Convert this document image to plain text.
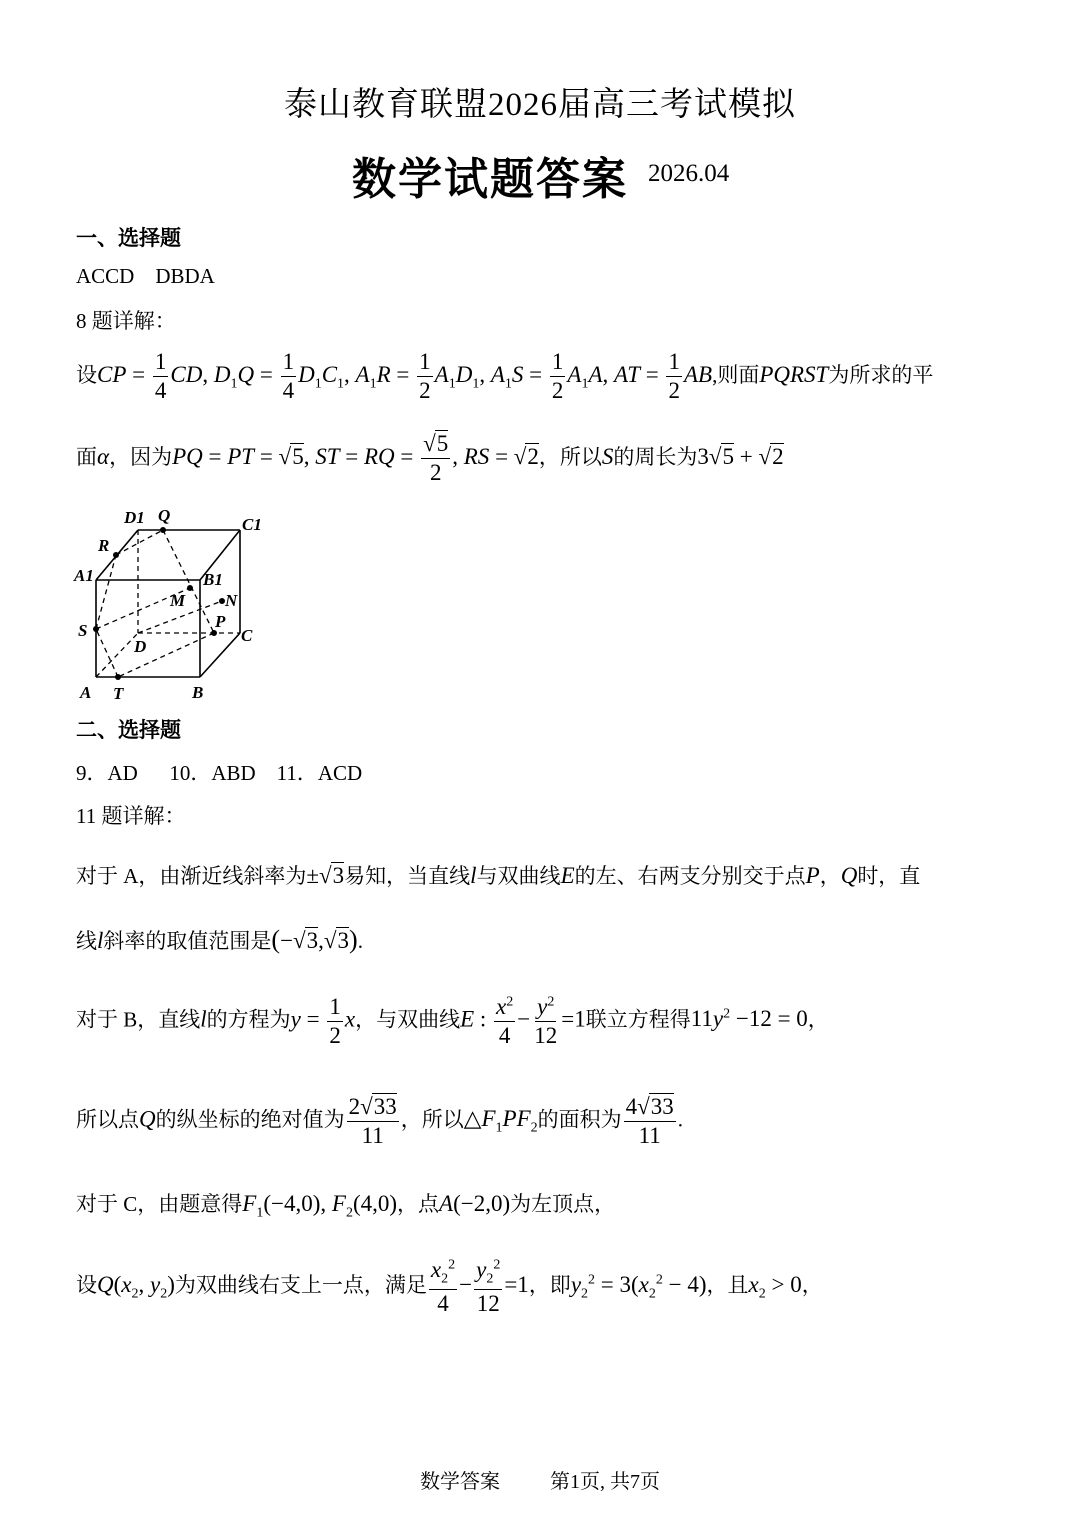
泰山教育联盟2026届高三考试模拟
数学试题答案 2026.04
一、选择题
ACCD    DBDA
8 题详解：
设CP = $\frac{1}{4}$ CD, $D_1Q = \frac{1}{4} D_1C_1$, $A_1R = \frac{1}{2} A_1D_1$, $A_1S = \frac{1}{2} A_1A$, AT = $\frac{1}{2}$ AB,则面PQRST为所求的平
面α，因为PQ = PT = √5, ST = RQ = $\frac{√5}{2}$ , RS = √2，所以S的周长为3√5 + √2
D1 Q	C1
R
A1	B1
M N
S	P
C
D
A T	B
二、选择题
9．AD      10．ABD    11．ACD
11 题详解：
对于 A，由渐近线斜率为±√3易知，当直线l与双曲线E的左、右两支分别交于点P，Q时，直
线l斜率的取值范围是(−√3,√3).
对于 B，直线l的方程为$y = \frac{1}{2}$ x，与双曲线E : $\frac{x^2}{4} - \frac{y^2}{12} =1$联立方程得$11y^2 -12 = 0$，
所以点Q的纵坐标的绝对值为 $\frac{2√33}{11}$ ，所以$\triangle F_1PF_2$的面积为 $\frac{4√33}{11}$ .
对于 C，由题意得$F_1(-4,0)$, $F_2(4,0)$，点A(−2,0)为左顶点，
设$Q(x_2$, $y_2$)为双曲线右支上一点，满足 $\frac{x_2^2}{4} - \frac{y_2^2}{12} =1$，即$y_2^2 = 3(x_2^2 - 4)$，且$x_2 > 0$，
数学答案	第1页, 共7页
